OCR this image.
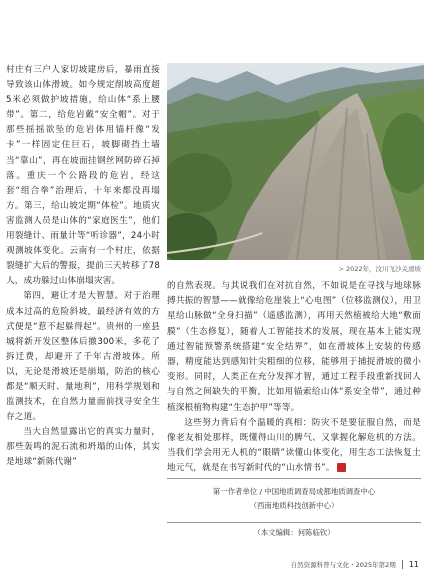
村庄有三户人家切坡建房后，暴雨直接导致该山体滑坡。如今规定削坡高度超5米必须做护坡措施，给山体“系上腰带”。第二，给危岩戴“安全帽”。对于那些摇摇欲坠的危岩体用锚杆像“发卡”一样固定住巨石，坡脚砌挡土墙当“靠山”，再在坡面挂钢丝网防碎石掉落。重庆一个公路段的危岩，经这套“组合拳”治理后，十年来都没再塌方。第三，给山坡定期“体检”。地质灾害监测人员是山体的“家庭医生”，他们用裂缝计、雨量计等“听诊器”，24小时观测坡体变化。云南有一个村庄，依据裂缝扩大后的警报，提前三天转移了78人，成功躲过山体崩塌灾害。

第四，避让才是大智慧。对于治理成本过高的危险斜坡，最经济有效的方式便是“惹不起躲得起”。贵州的一座县城将新开发区整体后撤300米，多花了拆迁费，却避开了千年古滑坡体。所以，无论是滑坡还是崩塌，防治的核心都是“顺天时、量地利”，用科学规划和监测技术，在自然力量面前找寻安全生存之道。

当大自然显露出它的真实力量时，那些轰鸣的泥石流和坍塌的山体，其实是地球“新陈代谢”

> 2022年，汶川飞沙关滑坡

的自然表现。与其说我们在对抗自然，不如说是在寻找与地球脉搏共振的智慧——就像给危崖装上“心电图”（位移监测仪），用卫星给山脉做“全身扫描”（遥感监测），再用天然植被给大地“敷面膜”（生态修复），随着人工智能技术的发展，现在基本上能实现通过智能预警系统搭建“安全结界”，如在滑坡体上安装的传感器，精度能达到感知针尖粗细的位移，能够用于捕捉滑坡的微小变形。同时，人类正在充分发挥才智，通过工程手段重新找回人与自然之间缺失的平衡，比如用锚索给山体“系安全带”，通过种植深根植物构建“生态护甲”等等。

这些努力背后有个温暖的真相：防灾不是要征服自然，而是像老友相处那样，既懂得山川的脾气、又掌握化解危机的方法。当我们学会用无人机的“眼睛”读懂山体变化，用生态工法恢复土地元气，就是在书写新时代的“山水情书”。	G

第一作者单位 / 中国地质调查局成都地质调查中心
（西南地质科技创新中心）
（本文编辑：何陈临钦）
自然资源科普与文化・2025年第2期 11
